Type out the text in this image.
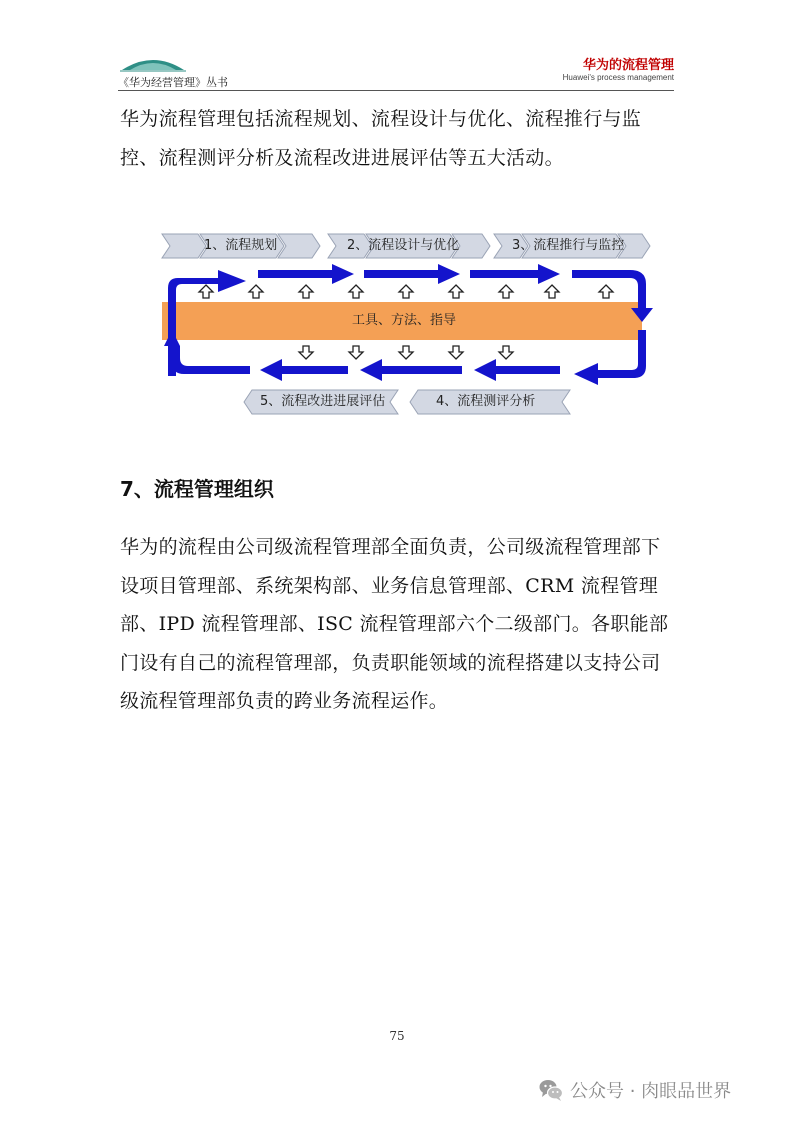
《华为经营管理》丛书
华为的流程管理
Huawei's process management
华为流程管理包括流程规划、流程设计与优化、流程推行与监控、流程测评分析及流程改进进展评估等五大活动。
1、流程规划	2、流程设计与优化	3、流程推行与监控
工具、方法、指导
5、流程改进进展评估	4、流程测评分析
7、流程管理组织
华为的流程由公司级流程管理部全面负责，公司级流程管理部下设项目管理部、系统架构部、业务信息管理部、CRM 流程管理部、IPD 流程管理部、ISC 流程管理部六个二级部门。各职能部门设有自己的流程管理部，负责职能领域的流程搭建以支持公司级流程管理部负责的跨业务流程运作。
75
公众号 · 肉眼品世界
